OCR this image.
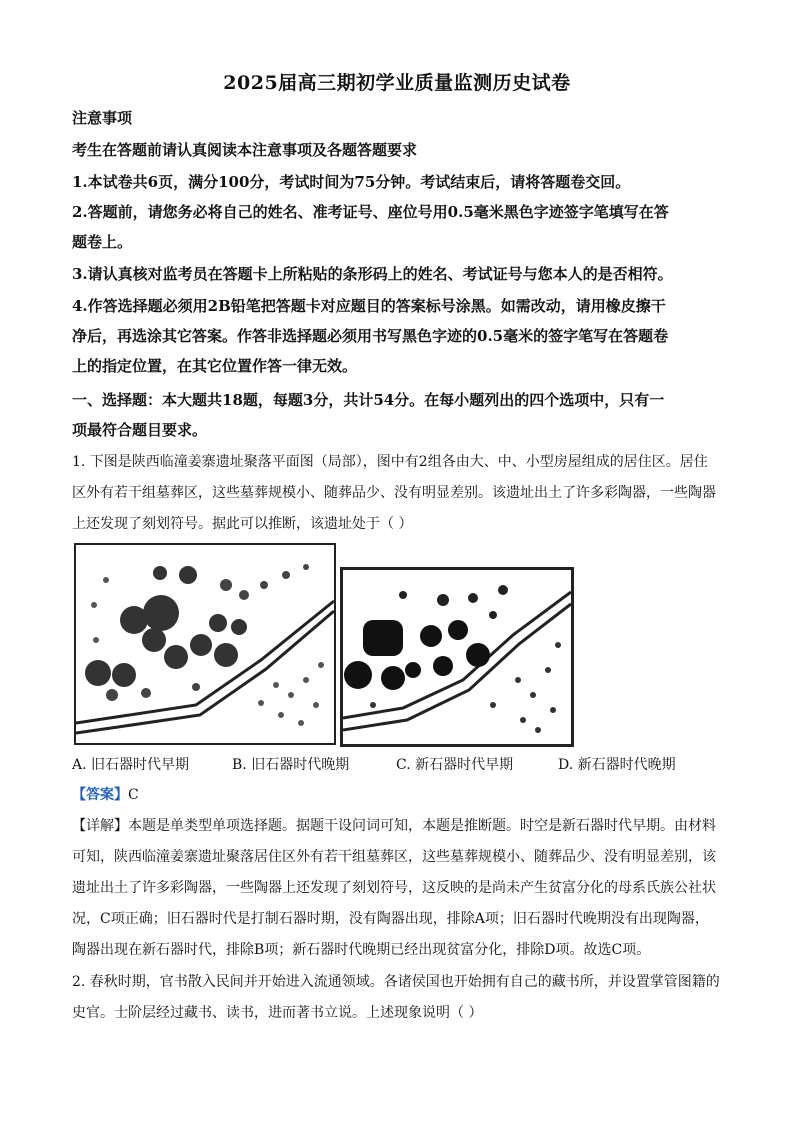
2025届高三期初学业质量监测历史试卷
注意事项
考生在答题前请认真阅读本注意事项及各题答题要求
1.本试卷共6页，满分100分，考试时间为75分钟。考试结束后，请将答题卷交回。
2.答题前，请您务必将自己的姓名、准考证号、座位号用0.5毫米黑色字迹签字笔填写在答
题卷上。
3.请认真核对监考员在答题卡上所粘贴的条形码上的姓名、考试证号与您本人的是否相符。
4.作答选择题必须用2B铅笔把答题卡对应题目的答案标号涂黑。如需改动，请用橡皮擦干
净后，再选涂其它答案。作答非选择题必须用书写黑色字迹的0.5毫米的签字笔写在答题卷
上的指定位置，在其它位置作答一律无效。
一、选择题：本大题共18题，每题3分，共计54分。在每小题列出的四个选项中，只有一
项最符合题目要求。
1. 下图是陕西临潼姜寨遗址聚落平面图（局部），图中有2组各由大、中、小型房屋组成的居住区。居住
区外有若干组墓葬区，这些墓葬规模小、随葬品少、没有明显差别。该遗址出土了许多彩陶器，一些陶器
上还发现了刻划符号。据此可以推断，该遗址处于（ ）
A. 旧石器时代早期	B. 旧石器时代晚期	C. 新石器时代早期	D. 新石器时代晚期
【答案】C
【详解】本题是单类型单项选择题。据题干设问词可知，本题是推断题。时空是新石器时代早期。由材料
可知，陕西临潼姜寨遗址聚落居住区外有若干组墓葬区，这些墓葬规模小、随葬品少、没有明显差别，该
遗址出土了许多彩陶器，一些陶器上还发现了刻划符号，这反映的是尚未产生贫富分化的母系氏族公社状
况，C项正确；旧石器时代是打制石器时期，没有陶器出现，排除A项；旧石器时代晚期没有出现陶器，
陶器出现在新石器时代，排除B项；新石器时代晚期已经出现贫富分化，排除D项。故选C项。
2. 春秋时期，官书散入民间并开始进入流通领域。各诸侯国也开始拥有自己的藏书所，并设置掌管图籍的
史官。士阶层经过藏书、读书，进而著书立说。上述现象说明（ ）
